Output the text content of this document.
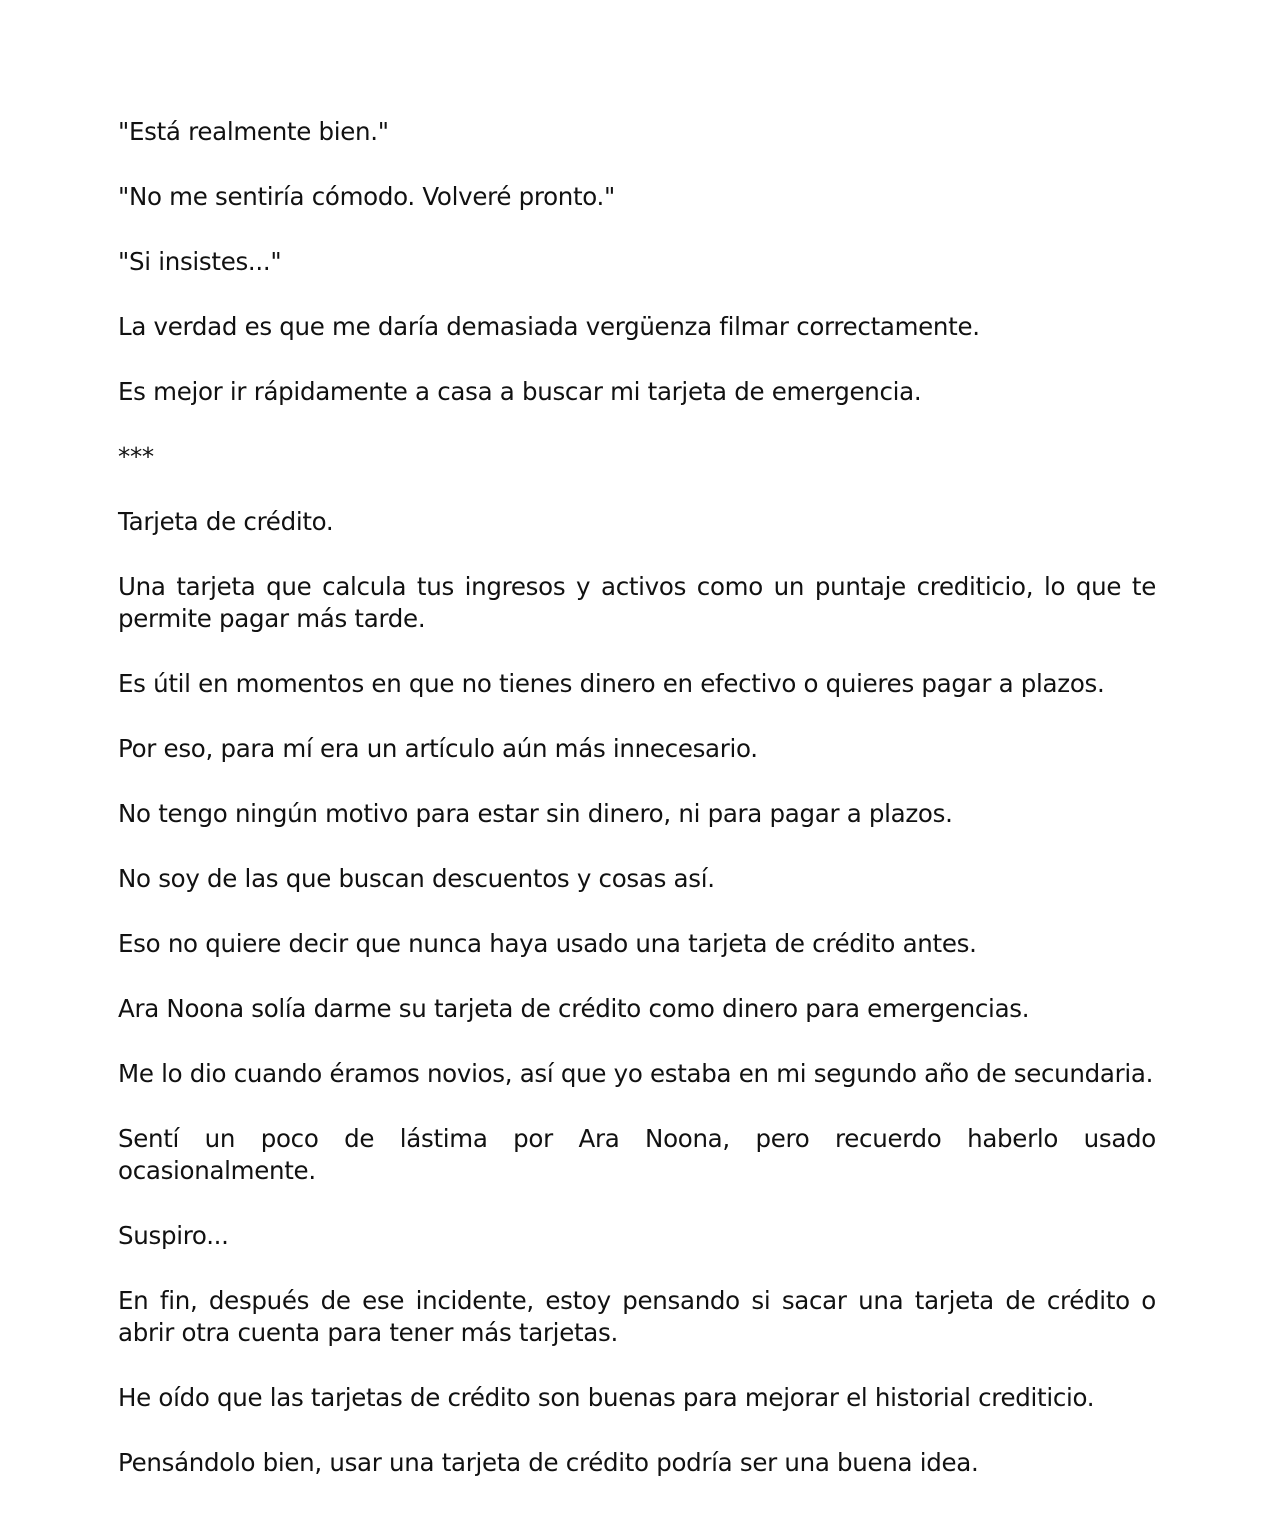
"Está realmente bien."

"No me sentiría cómodo. Volveré pronto."

"Si insistes..."

La verdad es que me daría demasiada vergüenza filmar correctamente.

Es mejor ir rápidamente a casa a buscar mi tarjeta de emergencia.

***

Tarjeta de crédito.

Una tarjeta que calcula tus ingresos y activos como un puntaje crediticio, lo que te permite pagar más tarde.

Es útil en momentos en que no tienes dinero en efectivo o quieres pagar a plazos.

Por eso, para mí era un artículo aún más innecesario.

No tengo ningún motivo para estar sin dinero, ni para pagar a plazos.

No soy de las que buscan descuentos y cosas así.

Eso no quiere decir que nunca haya usado una tarjeta de crédito antes.

Ara Noona solía darme su tarjeta de crédito como dinero para emergencias.

Me lo dio cuando éramos novios, así que yo estaba en mi segundo año de secundaria.

Sentí un poco de lástima por Ara Noona, pero recuerdo haberlo usado ocasionalmente.

Suspiro...

En fin, después de ese incidente, estoy pensando si sacar una tarjeta de crédito o abrir otra cuenta para tener más tarjetas.

He oído que las tarjetas de crédito son buenas para mejorar el historial crediticio.

Pensándolo bien, usar una tarjeta de crédito podría ser una buena idea.
